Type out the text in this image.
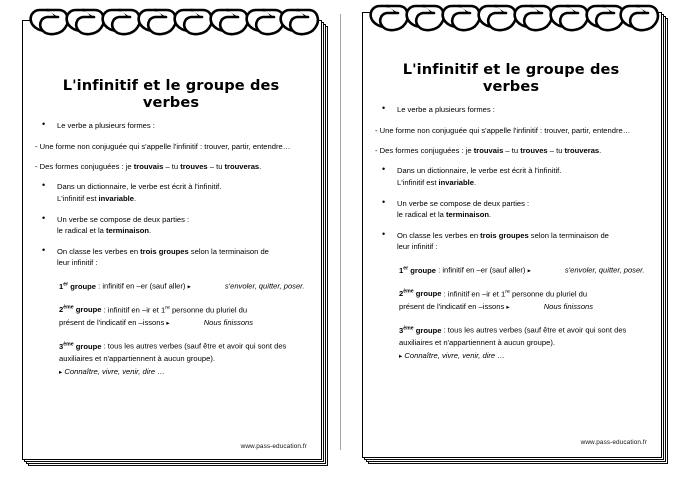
L'infinitif et le groupe des verbes
• Le verbe a plusieurs formes :

- Une forme non conjuguée qui s'appelle l'infinitif : trouver, partir, entendre…

- Des formes conjuguées : je trouvais – tu trouves – tu trouveras.

• Dans un dictionnaire, le verbe est écrit à l'infinitif.
L'infinitif est invariable.
• Un verbe se compose de deux parties :
le radical et la terminaison.
• On classe les verbes en trois groupes selon la terminaison de
leur infinitif :

1er groupe : infinitif en –er (sauf aller) ▸	s'envoler, quitter, poser.

2ème groupe : infinitif en –ir et 1re personne du pluriel du
présent de l'indicatif en –issons ▸	Nous finissons

3ème groupe : tous les autres verbes (sauf être et avoir qui sont des auxiliaires et n'appartiennent à aucun groupe).
▸ Connaître, vivre, venir, dire …

www.pass-education.fr
L'infinitif et le groupe des verbes
• Le verbe a plusieurs formes :

- Une forme non conjuguée qui s'appelle l'infinitif : trouver, partir, entendre…

- Des formes conjuguées : je trouvais – tu trouves – tu trouveras.

• Dans un dictionnaire, le verbe est écrit à l'infinitif.
L'infinitif est invariable.
• Un verbe se compose de deux parties :
le radical et la terminaison.
• On classe les verbes en trois groupes selon la terminaison de
leur infinitif :

1er groupe : infinitif en –er (sauf aller) ▸	s'envoler, quitter, poser.

2ème groupe : infinitif en –ir et 1re personne du pluriel du
présent de l'indicatif en –issons ▸	Nous finissons

3ème groupe : tous les autres verbes (sauf être et avoir qui sont des auxiliaires et n'appartiennent à aucun groupe).
▸ Connaître, vivre, venir, dire …

www.pass-education.fr
